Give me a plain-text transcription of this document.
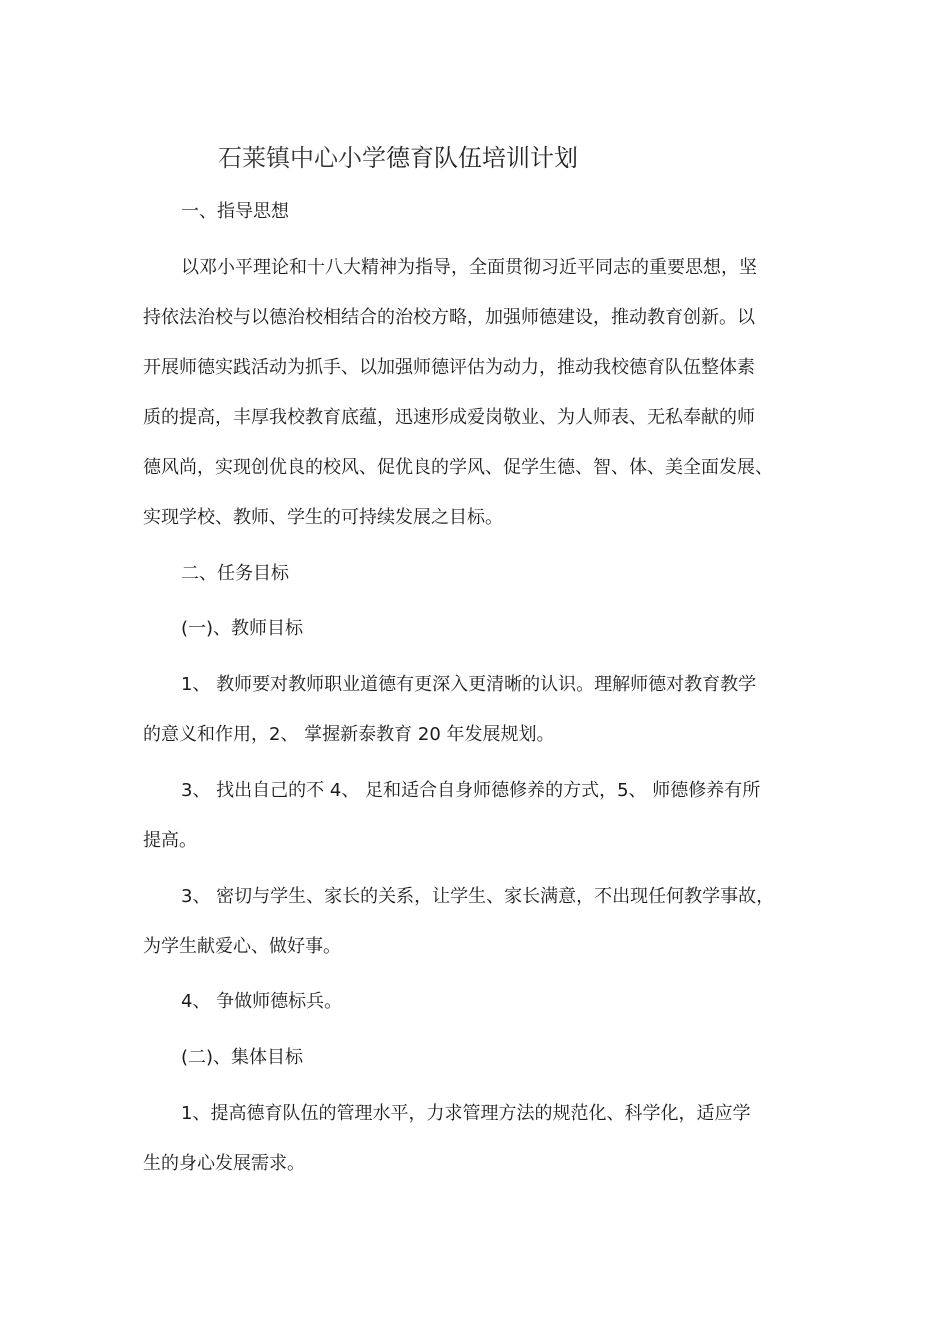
石莱镇中心小学德育队伍培训计划
一、指导思想
以邓小平理论和十八大精神为指导，全面贯彻习近平同志的重要思想，坚
持依法治校与以德治校相结合的治校方略，加强师德建设，推动教育创新。以
开展师德实践活动为抓手、以加强师德评估为动力，推动我校德育队伍整体素
质的提高，丰厚我校教育底蕴，迅速形成爱岗敬业、为人师表、无私奉献的师
德风尚，实现创优良的校风、促优良的学风、促学生德、智、体、美全面发展、
实现学校、教师、学生的可持续发展之目标。
二、任务目标
(一)、教师目标
1、 教师要对教师职业道德有更深入更清晰的认识。理解师德对教育教学
的意义和作用，2、 掌握新泰教育 20 年发展规划。
3、 找出自己的不 4、 足和适合自身师德修养的方式，5、 师德修养有所
提高。
3、 密切与学生、家长的关系，让学生、家长满意，不出现任何教学事故，
为学生献爱心、做好事。
4、 争做师德标兵。
(二)、集体目标
1、提高德育队伍的管理水平，力求管理方法的规范化、科学化，适应学
生的身心发展需求。
